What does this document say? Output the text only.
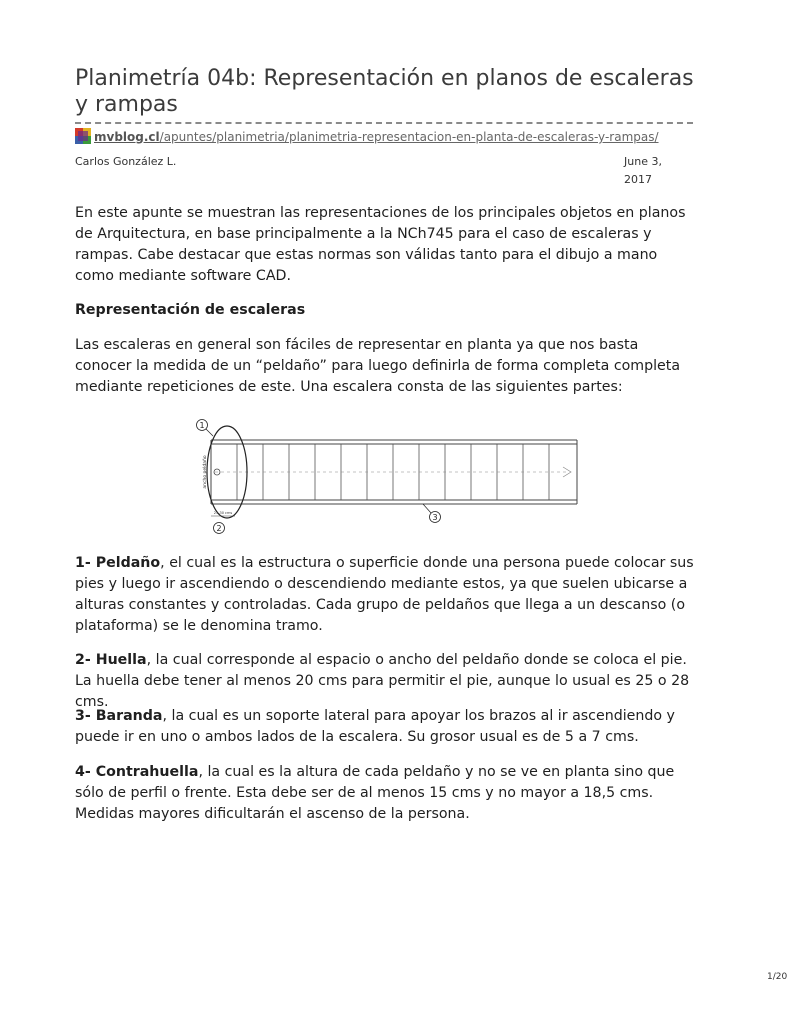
Planimetría 04b: Representación en planos de escaleras y rampas
mvblog.cl/apuntes/planimetria/planimetria-representacion-en-planta-de-escaleras-y-rampas/
Carlos González L.	June 3, 2017

En este apunte se muestran las representaciones de los principales objetos en planos de Arquitectura, en base principalmente a la NCh745 para el caso de escaleras y rampas. Cabe destacar que estas normas son válidas tanto para el dibujo a mano como mediante software CAD.

Representación de escaleras

Las escaleras en general son fáciles de representar en planta ya que nos basta conocer la medida de un “peldaño” para luego definirla de forma completa completa mediante repeticiones de este. Una escalera consta de las siguientes partes:

1
2
3
25-30 cms
ancho peldaño

1- Peldaño, el cual es la estructura o superficie donde una persona puede colocar sus pies y luego ir ascendiendo o descendiendo mediante estos, ya que suelen ubicarse a alturas constantes y controladas. Cada grupo de peldaños que llega a un descanso (o plataforma) se le denomina tramo.

2- Huella, la cual corresponde al espacio o ancho del peldaño donde se coloca el pie. La huella debe tener al menos 20 cms para permitir el pie, aunque lo usual es 25 o 28 cms.

3- Baranda, la cual es un soporte lateral para apoyar los brazos al ir ascendiendo y puede ir en uno o ambos lados de la escalera. Su grosor usual es de 5 a 7 cms.

4- Contrahuella, la cual es la altura de cada peldaño y no se ve en planta sino que sólo de perfil o frente. Esta debe ser de al menos 15 cms y no mayor a 18,5 cms. Medidas mayores dificultarán el ascenso de la persona.

1/20
